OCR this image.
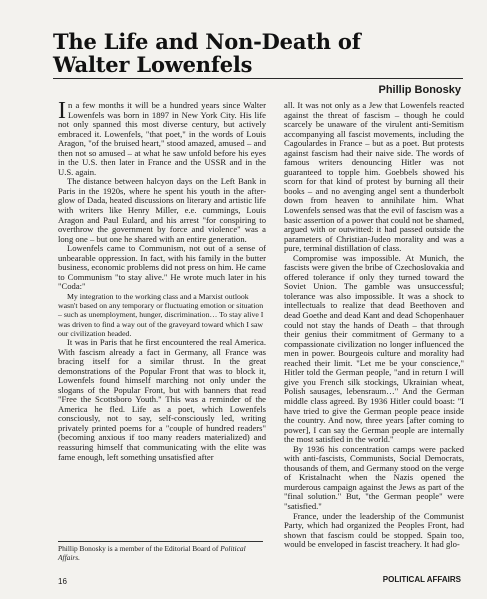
The Life and Non-Death of
Walter Lowenfels
Phillip Bonosky

In a few months it will be a hundred years since Walter Lowenfels was born in 1897 in New York City. His life not only spanned this most diverse century, but actively embraced it. Lowenfels, "that poet," in the words of Louis Aragon, "of the bruised heart," stood amazed, amused – and then not so amused – at what he saw unfold before his eyes in the U.S. then later in France and the USSR and in the U.S. again.

The distance between halcyon days on the Left Bank in Paris in the 1920s, where he spent his youth in the after-glow of Dada, heated discussions on literary and artistic life with writers like Henry Miller, e.e. cummings, Louis Aragon and Paul Eulard, and his arrest "for conspiring to overthrow the government by force and violence" was a long one – but one he shared with an entire generation.

Lowenfels came to Communism, not out of a sense of unbearable oppression. In fact, with his family in the butter business, economic problems did not press on him. He came to Communism "to stay alive." He wrote much later in his "Coda:"

My integration to the working class and a Marxist outlook wasn't based on any temporary or fluctuating emotion or situation – such as unemployment, hunger, discrimination… To stay alive I was driven to find a way out of the graveyard toward which I saw our civilization headed.

It was in Paris that he first encountered the real America. With fascism already a fact in Germany, all France was bracing itself for a similar thrust. In the great demonstrations of the Popular Front that was to block it, Lowenfels found himself marching not only under the slogans of the Popular Front, but with banners that read "Free the Scottsboro Youth." This was a reminder of the America he fled. Life as a poet, which Lowenfels consciously, not to say, self-consciously led, writing privately printed poems for a "couple of hundred readers" (becoming anxious if too many readers materialized) and reassuring himself that communicating with the elite was fame enough, left something unsatisfied after

all. It was not only as a Jew that Lowenfels reacted against the threat of fascism – though he could scarcely be unaware of the virulent anti-Semitism accompanying all fascist movements, including the Cagoulardes in France – but as a poet. But protests against fascism had their naive side. The words of famous writers denouncing Hitler was not guaranteed to topple him. Goebbels showed his scorn for that kind of protest by burning all their books – and no avenging angel sent a thunderbolt down from heaven to annihilate him. What Lowenfels sensed was that the evil of fascism was a basic assertion of a power that could not be shamed, argued with or outwitted: it had passed outside the parameters of Christian-Judeo morality and was a pure, terminal distillation of class.

Compromise was impossible. At Munich, the fascists were given the bribe of Czechoslovakia and offered tolerance if only they turned toward the Soviet Union. The gamble was unsuccessful; tolerance was also impossible. It was a shock to intellectuals to realize that dead Beethoven and dead Goethe and dead Kant and dead Schopenhauer could not stay the hands of Death – that through their genius their commitment of Germany to a compassionate civilization no longer influenced the men in power. Bourgeois culture and morality had reached their limit. "Let me be your conscience," Hitler told the German people, "and in return I will give you French silk stockings, Ukrainian wheat, Polish sausages, lebensraum…" And the German middle class agreed. By 1936 Hitler could boast: "I have tried to give the German people peace inside the country. And now, three years [after coming to power], I can say the German people are internally the most satisfied in the world."

By 1936 his concentration camps were packed with anti-fascists, Communists, Social Democrats, thousands of them, and Germany stood on the verge of Kristalnacht when the Nazis opened the murderous campaign against the Jews as part of the "final solution." But, "the German people" were "satisfied."

France, under the leadership of the Communist Party, which had organized the Peoples Front, had shown that fascism could be stopped. Spain too, would be enveloped in fascist treachery. It had glo-

Phillip Bonosky is a member of the Editorial Board of Political Affairs.
16	POLITICAL AFFAIRS
